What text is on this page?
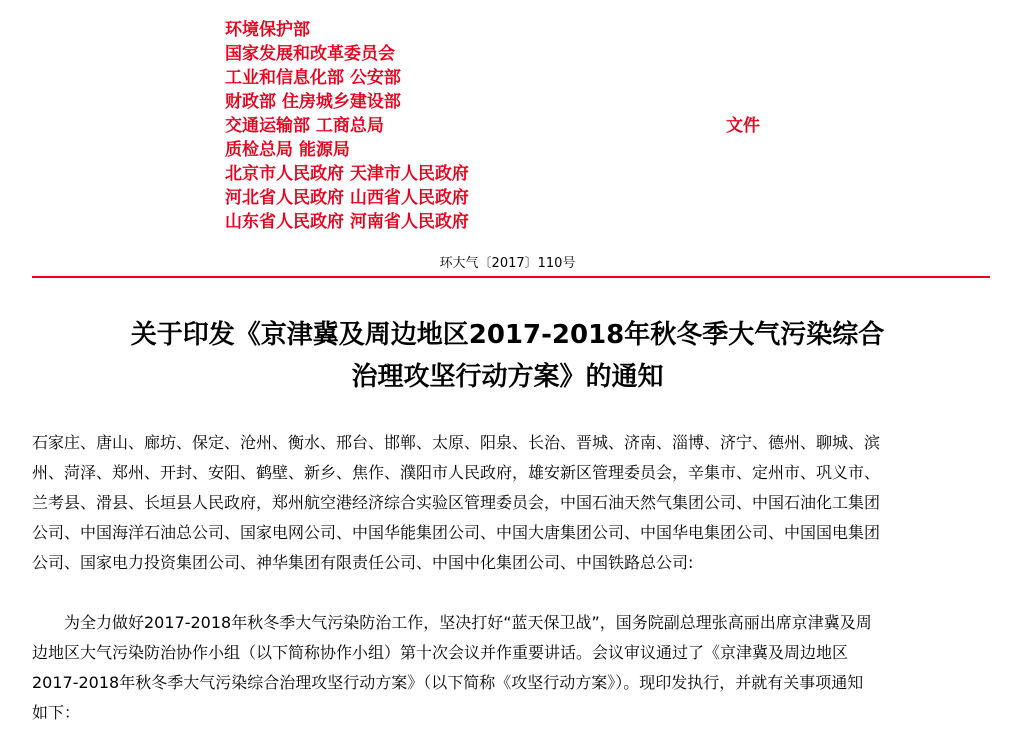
环境保护部
国家发展和改革委员会
工业和信息化部 公安部
财政部 住房城乡建设部
交通运输部 工商总局
质检总局 能源局
北京市人民政府 天津市人民政府
河北省人民政府 山西省人民政府
山东省人民政府 河南省人民政府
文件
环大气〔2017〕110号
关于印发《京津冀及周边地区2017-2018年秋冬季大气污染综合
治理攻坚行动方案》的通知
石家庄、唐山、廊坊、保定、沧州、衡水、邢台、邯郸、太原、阳泉、长治、晋城、济南、淄博、济宁、德州、聊城、滨
州、菏泽、郑州、开封、安阳、鹤壁、新乡、焦作、濮阳市人民政府，雄安新区管理委员会，辛集市、定州市、巩义市、
兰考县、滑县、长垣县人民政府，郑州航空港经济综合实验区管理委员会，中国石油天然气集团公司、中国石油化工集团
公司、中国海洋石油总公司、国家电网公司、中国华能集团公司、中国大唐集团公司、中国华电集团公司、中国国电集团
公司、国家电力投资集团公司、神华集团有限责任公司、中国中化集团公司、中国铁路总公司:
为全力做好2017-2018年秋冬季大气污染防治工作，坚决打好“蓝天保卫战”，国务院副总理张高丽出席京津冀及周
边地区大气污染防治协作小组（以下简称协作小组）第十次会议并作重要讲话。会议审议通过了《京津冀及周边地区
2017-2018年秋冬季大气污染综合治理攻坚行动方案》（以下简称《攻坚行动方案》）。现印发执行，并就有关事项通知
如下：
